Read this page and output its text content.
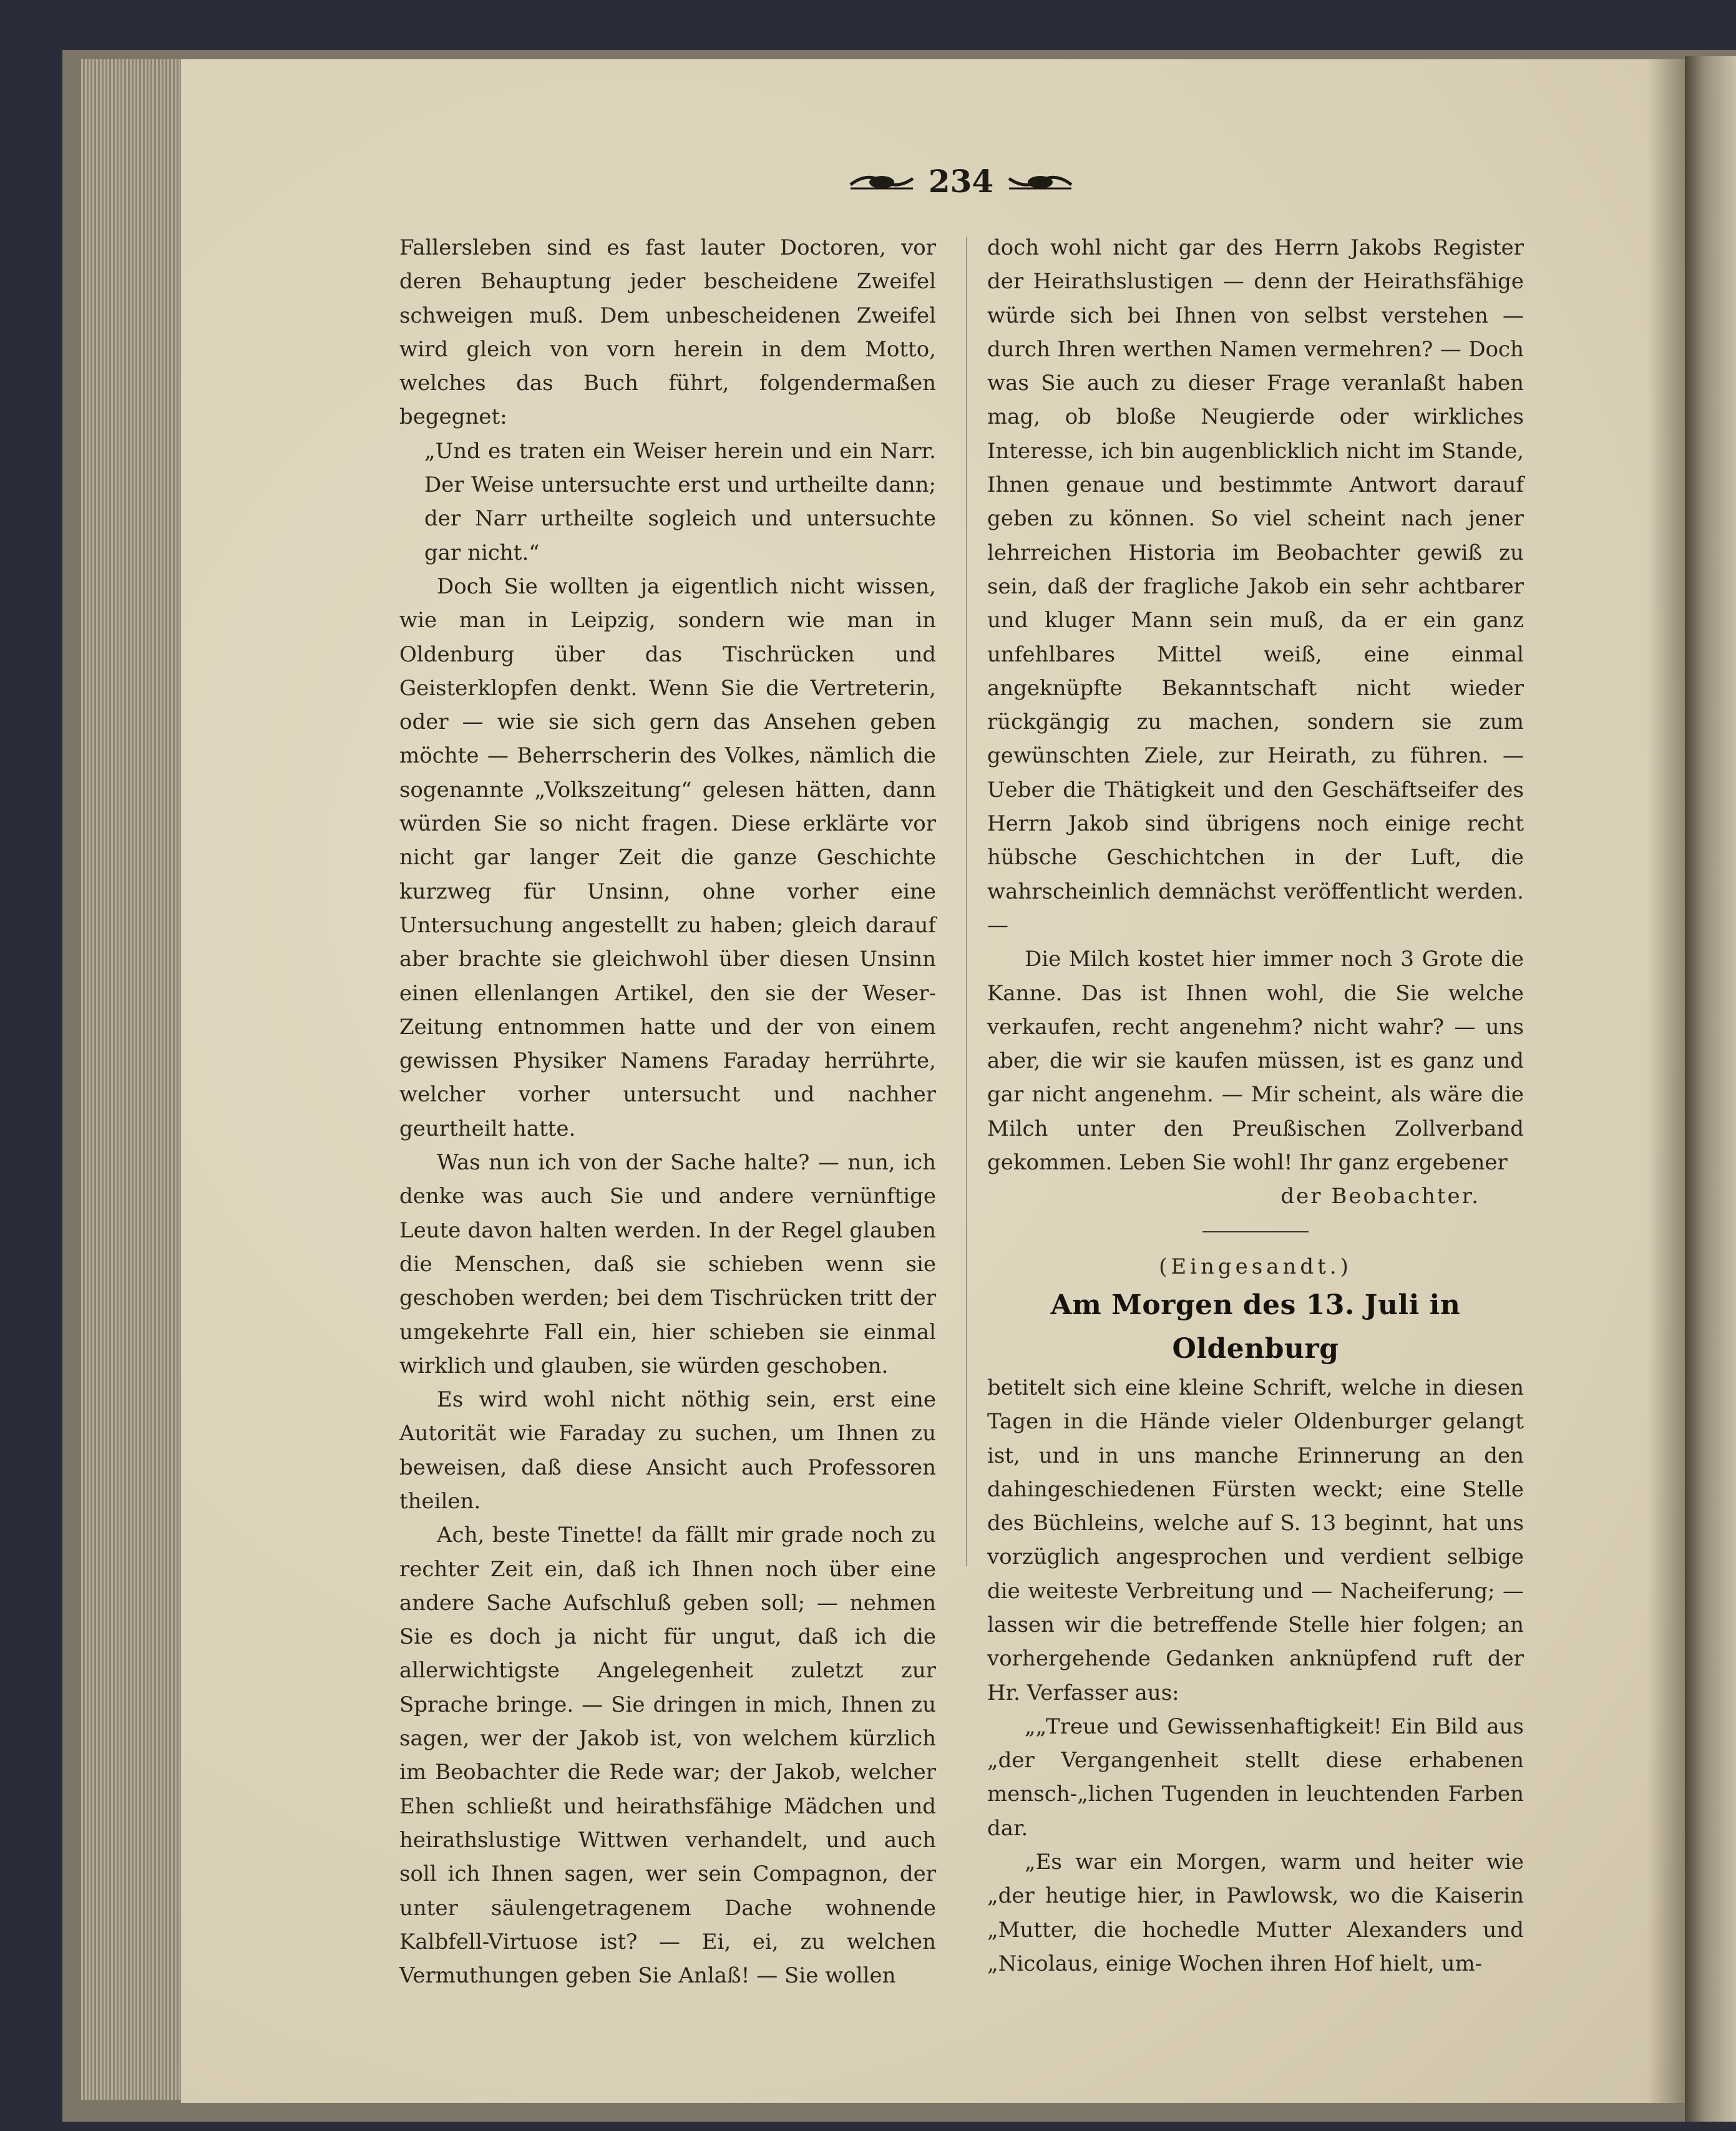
234

Fallersleben sind es fast lauter Doctoren, vor deren Behauptung jeder bescheidene Zweifel schweigen muß. Dem unbescheidenen Zweifel wird gleich von vorn herein in dem Motto, welches das Buch führt, folgendermaßen begegnet:

„Und es traten ein Weiser herein und ein Narr. Der Weise untersuchte erst und urtheilte dann; der Narr urtheilte sogleich und untersuchte gar nicht.“

Doch Sie wollten ja eigentlich nicht wissen, wie man in Leipzig, sondern wie man in Oldenburg über das Tischrücken und Geisterklopfen denkt. Wenn Sie die Vertreterin, oder — wie sie sich gern das Ansehen geben möchte — Beherrscherin des Volkes, nämlich die sogenannte „Volkszeitung“ gelesen hätten, dann würden Sie so nicht fragen. Diese erklärte vor nicht gar langer Zeit die ganze Geschichte kurzweg für Unsinn, ohne vorher eine Untersuchung angestellt zu haben; gleich darauf aber brachte sie gleichwohl über diesen Unsinn einen ellenlangen Artikel, den sie der Weser-Zeitung entnommen hatte und der von einem gewissen Physiker Namens Faraday herrührte, welcher vorher untersucht und nachher geurtheilt hatte.

Was nun ich von der Sache halte? — nun, ich denke was auch Sie und andere vernünftige Leute davon halten werden. In der Regel glauben die Menschen, daß sie schieben wenn sie geschoben werden; bei dem Tischrücken tritt der umgekehrte Fall ein, hier schieben sie einmal wirklich und glauben, sie würden geschoben.

Es wird wohl nicht nöthig sein, erst eine Autorität wie Faraday zu suchen, um Ihnen zu beweisen, daß diese Ansicht auch Professoren theilen.

Ach, beste Tinette! da fällt mir grade noch zu rechter Zeit ein, daß ich Ihnen noch über eine andere Sache Aufschluß geben soll; — nehmen Sie es doch ja nicht für ungut, daß ich die allerwichtigste Angelegenheit zuletzt zur Sprache bringe. — Sie dringen in mich, Ihnen zu sagen, wer der Jakob ist, von welchem kürzlich im Beobachter die Rede war; der Jakob, welcher Ehen schließt und heirathsfähige Mädchen und heirathslustige Wittwen verhandelt, und auch soll ich Ihnen sagen, wer sein Compagnon, der unter säulengetragenem Dache wohnende Kalbfell-Virtuose ist? — Ei, ei, zu welchen Vermuthungen geben Sie Anlaß! — Sie wollen

doch wohl nicht gar des Herrn Jakobs Register der Heirathslustigen — denn der Heirathsfähige würde sich bei Ihnen von selbst verstehen — durch Ihren werthen Namen vermehren? — Doch was Sie auch zu dieser Frage veranlaßt haben mag, ob bloße Neugierde oder wirkliches Interesse, ich bin augenblicklich nicht im Stande, Ihnen genaue und bestimmte Antwort darauf geben zu können. So viel scheint nach jener lehrreichen Historia im Beobachter gewiß zu sein, daß der fragliche Jakob ein sehr achtbarer und kluger Mann sein muß, da er ein ganz unfehlbares Mittel weiß, eine einmal angeknüpfte Bekanntschaft nicht wieder rückgängig zu machen, sondern sie zum gewünschten Ziele, zur Heirath, zu führen. — Ueber die Thätigkeit und den Geschäftseifer des Herrn Jakob sind übrigens noch einige recht hübsche Geschichtchen in der Luft, die wahrscheinlich demnächst veröffentlicht werden. —

Die Milch kostet hier immer noch 3 Grote die Kanne. Das ist Ihnen wohl, die Sie welche verkaufen, recht angenehm? nicht wahr? — uns aber, die wir sie kaufen müssen, ist es ganz und gar nicht angenehm. — Mir scheint, als wäre die Milch unter den Preußischen Zollverband gekommen. Leben Sie wohl! Ihr ganz ergebener

der Beobachter.

(Eingesandt.)

Am Morgen des 13. Juli in Oldenburg

betitelt sich eine kleine Schrift, welche in diesen Tagen in die Hände vieler Oldenburger gelangt ist, und in uns manche Erinnerung an den dahingeschiedenen Fürsten weckt; eine Stelle des Büchleins, welche auf S. 13 beginnt, hat uns vorzüglich angesprochen und verdient selbige die weiteste Verbreitung und — Nacheiferung; — lassen wir die betreffende Stelle hier folgen; an vorhergehende Gedanken anknüpfend ruft der Hr. Verfasser aus:

„„Treue und Gewissenhaftigkeit! Ein Bild aus „der Vergangenheit stellt diese erhabenen mensch-„lichen Tugenden in leuchtenden Farben dar.

„Es war ein Morgen, warm und heiter wie „der heutige hier, in Pawlowsk, wo die Kaiserin „Mutter, die hochedle Mutter Alexanders und „Nicolaus, einige Wochen ihren Hof hielt, um-
